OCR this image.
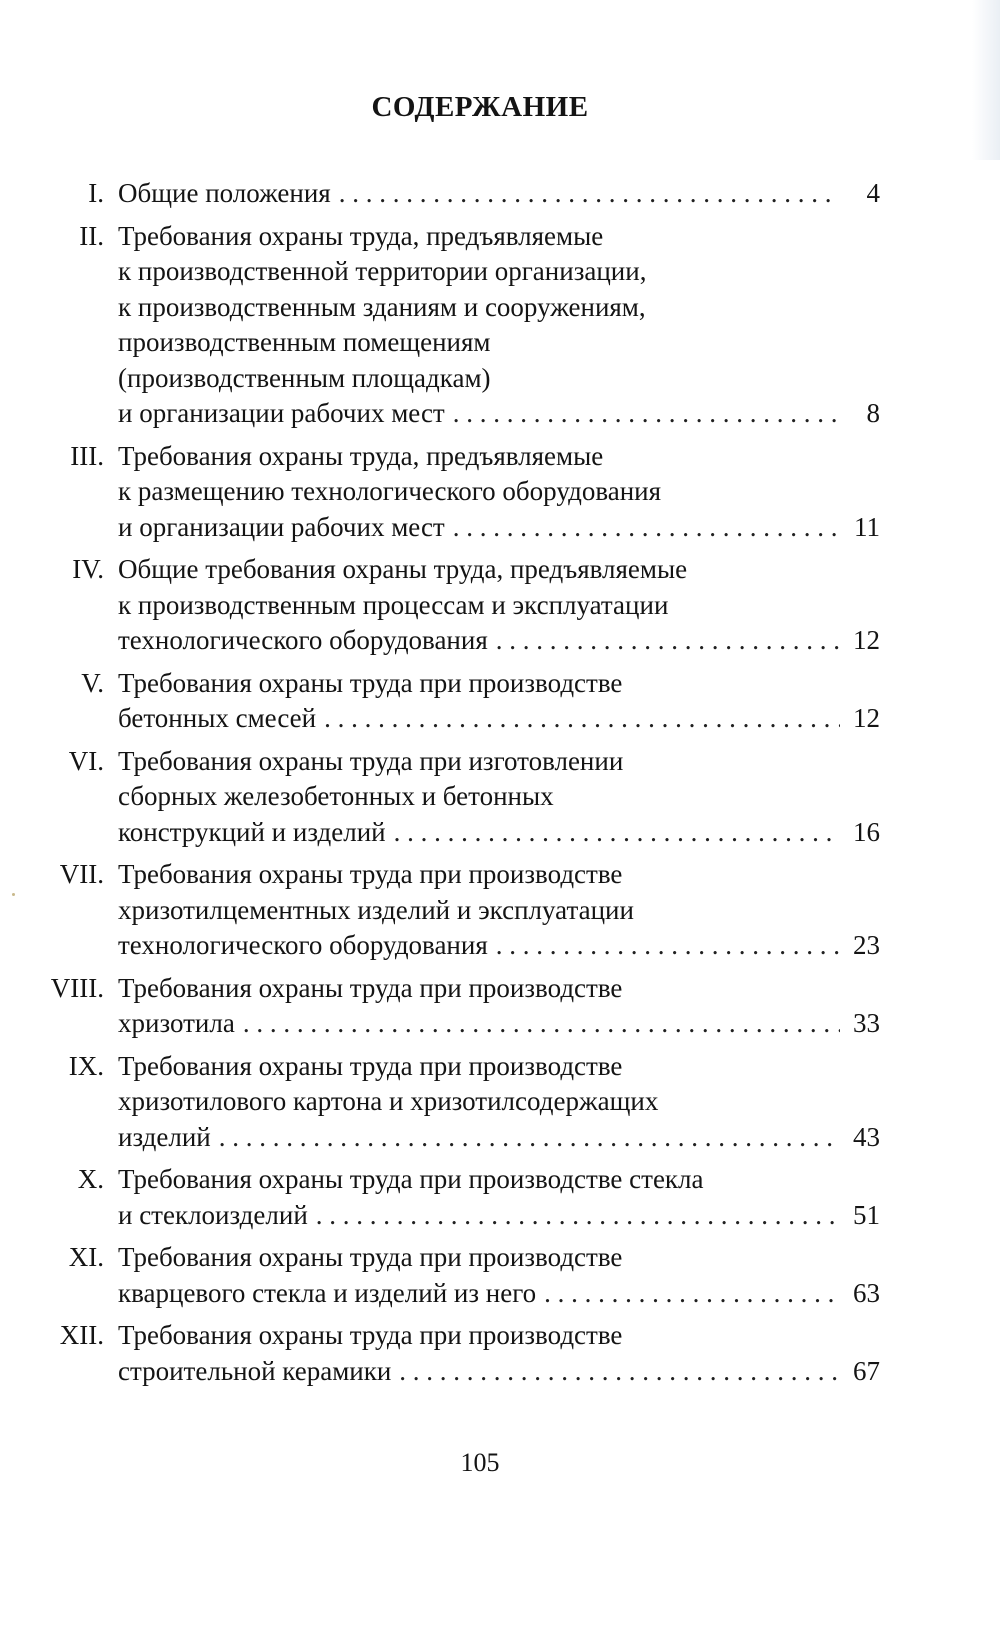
СОДЕРЖАНИЕ
I. Общие положения . . .	4
II. Требования охраны труда, предъявляемые
к производственной территории организации,
к производственным зданиям и сооружениям,
производственным помещениям
(производственным площадкам)
и организации рабочих мест . . .	8
III. Требования охраны труда, предъявляемые
к размещению технологического оборудования
и организации рабочих мест . . .	11
IV. Общие требования охраны труда, предъявляемые
к производственным процессам и эксплуатации
технологического оборудования . . .	12
V. Требования охраны труда при производстве
бетонных смесей . . .	12
VI. Требования охраны труда при изготовлении
сборных железобетонных и бетонных
конструкций и изделий . . .	16
VII. Требования охраны труда при производстве
хризотилцементных изделий и эксплуатации
технологического оборудования . . .	23
VIII. Требования охраны труда при производстве
хризотила . . .	33
IX. Требования охраны труда при производстве
хризотилового картона и хризотилсодержащих
изделий . . .	43
X. Требования охраны труда при производстве стекла
и стеклоизделий . . .	51
XI. Требования охраны труда при производстве
кварцевого стекла и изделий из него . . .	63
XII. Требования охраны труда при производстве
строительной керамики . . .	67
105
